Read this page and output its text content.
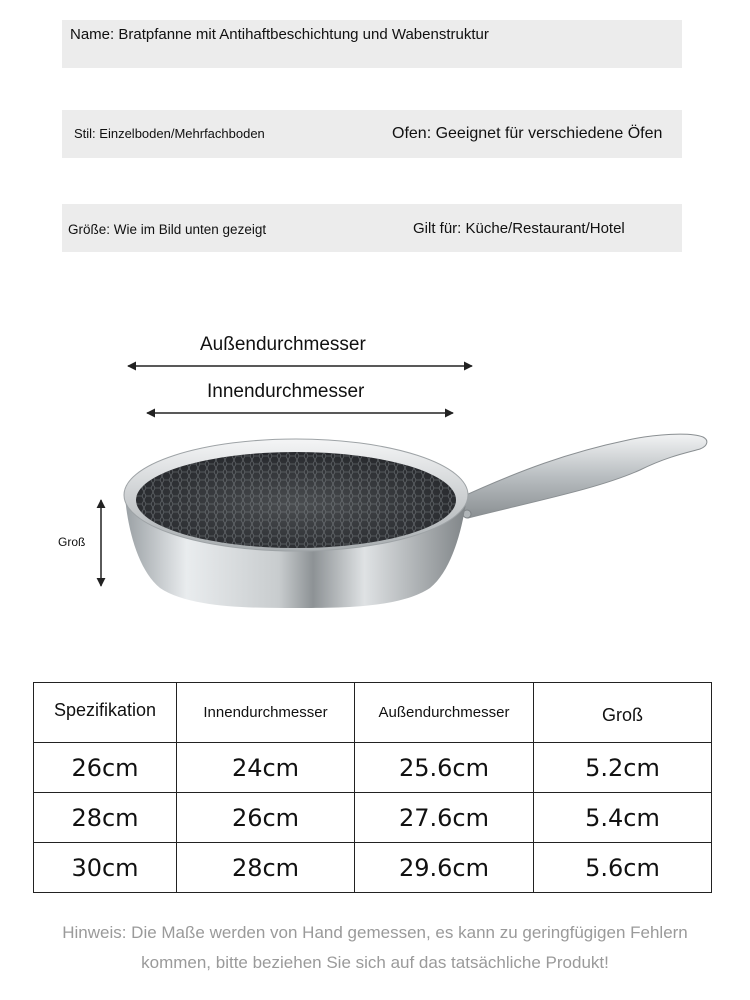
Name: Bratpfanne mit Antihaftbeschichtung und Wabenstruktur
Stil: Einzelboden/Mehrfachboden	Ofen: Geeignet für verschiedene Öfen
Größe: Wie im Bild unten gezeigt	Gilt für: Küche/Restaurant/Hotel
Außendurchmesser
Innendurchmesser
Groß
Spezifikation	Innendurchmesser	Außendurchmesser	Groß
26cm	24cm	25.6cm	5.2cm
28cm	26cm	27.6cm	5.4cm
30cm	28cm	29.6cm	5.6cm
Hinweis: Die Maße werden von Hand gemessen, es kann zu geringfügigen Fehlern
kommen, bitte beziehen Sie sich auf das tatsächliche Produkt!
